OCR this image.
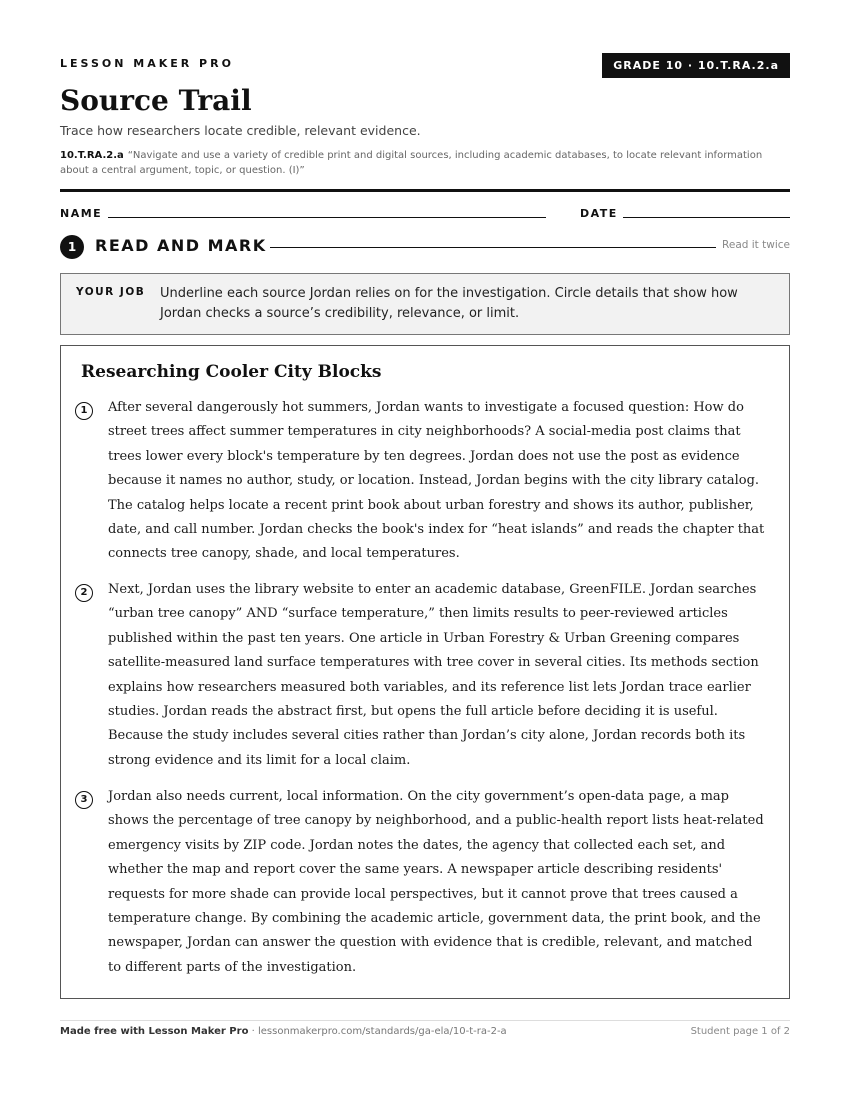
LESSON MAKER PRO	GRADE 10 · 10.T.RA.2.a
Source Trail
Trace how researchers locate credible, relevant evidence.
10.T.RA.2.a “Navigate and use a variety of credible print and digital sources, including academic databases, to locate relevant information about a central argument, topic, or question. (I)”
NAME	DATE
1	READ AND MARK	Read it twice
YOUR JOB Underline each source Jordan relies on for the investigation. Circle details that show how Jordan checks a source’s credibility, relevance, or limit.
Researching Cooler City Blocks
1	After several dangerously hot summers, Jordan wants to investigate a focused question: How do street trees affect summer temperatures in city neighborhoods? A social-media post claims that trees lower every block's temperature by ten degrees. Jordan does not use the post as evidence because it names no author, study, or location. Instead, Jordan begins with the city library catalog. The catalog helps locate a recent print book about urban forestry and shows its author, publisher, date, and call number. Jordan checks the book's index for “heat islands” and reads the chapter that connects tree canopy, shade, and local temperatures.

2	Next, Jordan uses the library website to enter an academic database, GreenFILE. Jordan searches “urban tree canopy” AND “surface temperature,” then limits results to peer-reviewed articles published within the past ten years. One article in Urban Forestry & Urban Greening compares satellite-measured land surface temperatures with tree cover in several cities. Its methods section explains how researchers measured both variables, and its reference list lets Jordan trace earlier studies. Jordan reads the abstract first, but opens the full article before deciding it is useful. Because the study includes several cities rather than Jordan’s city alone, Jordan records both its strong evidence and its limit for a local claim.

3	Jordan also needs current, local information. On the city government’s open-data page, a map shows the percentage of tree canopy by neighborhood, and a public-health report lists heat-related emergency visits by ZIP code. Jordan notes the dates, the agency that collected each set, and whether the map and report cover the same years. A newspaper article describing residents' requests for more shade can provide local perspectives, but it cannot prove that trees caused a temperature change. By combining the academic article, government data, the print book, and the newspaper, Jordan can answer the question with evidence that is credible, relevant, and matched to different parts of the investigation.

Made free with Lesson Maker Pro · lessonmakerpro.com/standards/ga-ela/10-t-ra-2-a	Student page 1 of 2
